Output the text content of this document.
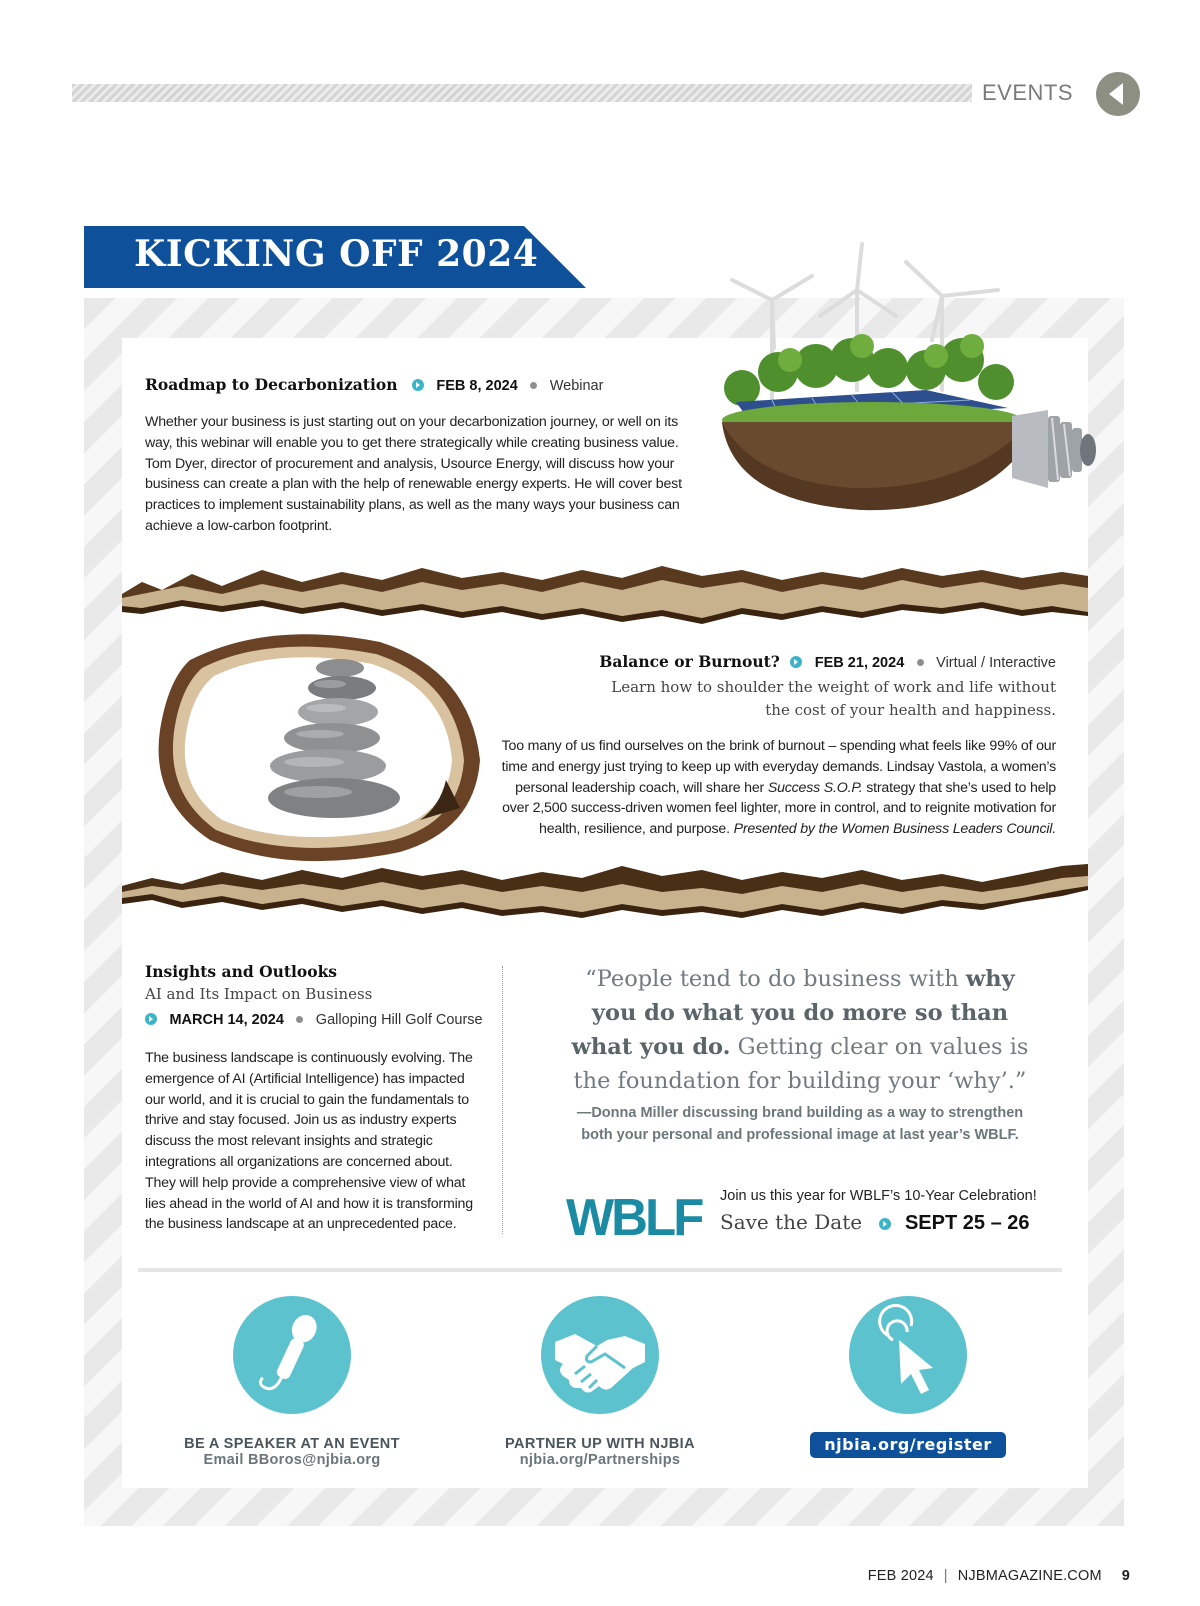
EVENTS
KICKING OFF 2024
Roadmap to Decarbonization	FEB 8, 2024 Webinar

Whether your business is just starting out on your decarbonization journey, or well on its way, this webinar will enable you to get there strategically while creating business value. Tom Dyer, director of procurement and analysis, Usource Energy, will discuss how your business can create a plan with the help of renewable energy experts. He will cover best practices to implement sustainability plans, as well as the many ways your business can achieve a low-carbon footprint.

Balance or Burnout? FEB 21, 2024 Virtual / Interactive
Learn how to shoulder the weight of work and life without the cost of your health and happiness.

Too many of us find ourselves on the brink of burnout – spending what feels like 99% of our time and energy just trying to keep up with everyday demands. Lindsay Vastola, a women’s personal leadership coach, will share her Success S.O.P. strategy that she’s used to help over 2,500 success-driven women feel lighter, more in control, and to reignite motivation for health, resilience, and purpose. Presented by the Women Business Leaders Council.

Insights and Outlooks
AI and Its Impact on Business
MARCH 14, 2024 Galloping Hill Golf Course

The business landscape is continuously evolving. The emergence of AI (Artificial Intelligence) has impacted our world, and it is crucial to gain the fundamentals to thrive and stay focused. Join us as industry experts discuss the most relevant insights and strategic integrations all organizations are concerned about. They will help provide a comprehensive view of what lies ahead in the world of AI and how it is transforming the business landscape at an unprecedented pace.

“People tend to do business with why you do what you do more so than what you do. Getting clear on values is the foundation for building your ‘why’.”

—Donna Miller discussing brand building as a way to strengthen both your personal and professional image at last year’s WBLF.

WBLF Join us this year for WBLF’s 10-Year Celebration!
Save the Date SEPT 25 – 26
BE A SPEAKER AT AN EVENT
Email BBoros@njbia.org
PARTNER UP WITH NJBIA
njbia.org/Partnerships
njbia.org/register
FEB 2024 | NJBMAGAZINE.COM 9
